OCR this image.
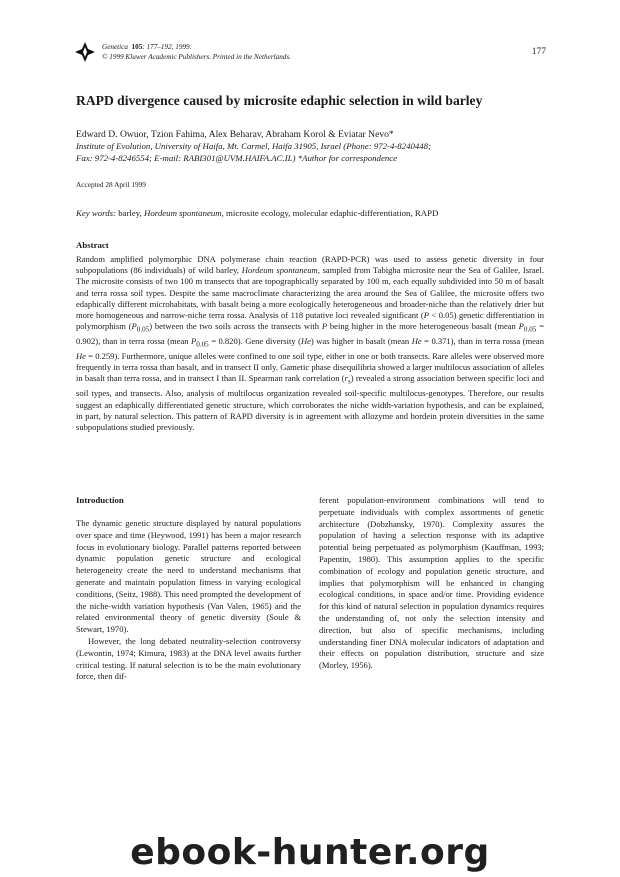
Genetica 105: 177–192, 1999.
© 1999 Kluwer Academic Publishers. Printed in the Netherlands.	177
RAPD divergence caused by microsite edaphic selection in wild barley
Edward D. Owuor, Tzion Fahima, Alex Beharav, Abraham Korol & Eviatar Nevo*
Institute of Evolution, University of Haifa, Mt. Carmel, Haifa 31905, Israel (Phone: 972-4-8240448;
Fax: 972-4-8246554; E-mail: RABI301@UVM.HAIFA.AC.IL) *Author for correspondence
Accepted 28 April 1999
Key words: barley, Hordeum spontaneum, microsite ecology, molecular edaphic-differentiation, RAPD
Abstract

Random amplified polymorphic DNA polymerase chain reaction (RAPD-PCR) was used to assess genetic diversity in four subpopulations (86 individuals) of wild barley, Hordeum spontaneum, sampled from Tabigha microsite near the Sea of Galilee, Israel. The microsite consists of two 100 m transects that are topographically separated by 100 m, each equally subdivided into 50 m of basalt and terra rossa soil types. Despite the same macroclimate characterizing the area around the Sea of Galilee, the microsite offers two edaphically different microhabitats, with basalt being a more ecologically heterogeneous and broader-niche than the relatively drier but more homogeneous and narrow-niche terra rossa. Analysis of 118 putative loci revealed significant (P < 0.05) genetic differentiation in polymorphism $(P_{0.05})$ between the two soils across the transects with P being higher in the more heterogeneous basalt (mean $P_{0.05} = 0.902$), than in terra rossa (mean $P_{0.05} = 0.820$). Gene diversity (He) was higher in basalt (mean He = 0.371), than in terra rossa (mean He = 0.259). Furthermore, unique alleles were confined to one soil type, either in one or both transects. Rare alleles were observed more frequently in terra rossa than basalt, and in transect II only. Gametic phase disequilibria showed a larger multilocus association of alleles in basalt than terra rossa, and in transect I than II. Spearman rank correlation $(r_s)$ revealed a strong association between specific loci and soil types, and transects. Also, analysis of multilocus organization revealed soil-specific multilocus-genotypes. Therefore, our results suggest an edaphically differentiated genetic structure, which corroborates the niche width-variation hypothesis, and can be explained, in part, by natural selection. This pattern of RAPD diversity is in agreement with allozyme and hordein protein diversities in the same subpopulations studied previously.

Introduction

The dynamic genetic structure displayed by natural populations over space and time (Heywood, 1991) has been a major research focus in evolutionary biology. Parallel patterns reported between dynamic population genetic structure and ecological heterogeneity create the need to understand mechanisms that generate and maintain population fitness in varying ecological conditions, (Seitz, 1988). This need prompted the development of the niche-width variation hypothesis (Van Valen, 1965) and the related environmental theory of genetic diversity (Soule & Stewart, 1970).

However, the long debated neutrality-selection controversy (Lewontin, 1974; Kimura, 1983) at the DNA level awaits further critical testing. If natural selection is to be the main evolutionary force, then dif-

ferent population-environment combinations will tend to perpetuate individuals with complex assortments of genetic architecture (Dobzhansky, 1970). Complexity assures the population of having a selection response with its adaptive potential being perpetuated as polymorphism (Kauffman, 1993; Papentin, 1980). This assumption applies to the specific combination of ecology and population genetic structure, and implies that polymorphism will be enhanced in changing ecological conditions, in space and/or time. Providing evidence for this kind of natural selection in population dynamics requires the understanding of, not only the selection intensity and direction, but also of specific mechanisms, including understanding finer DNA molecular indicators of adaptation and their effects on population distribution, structure and size (Morley, 1956).

ebook-hunter.org
